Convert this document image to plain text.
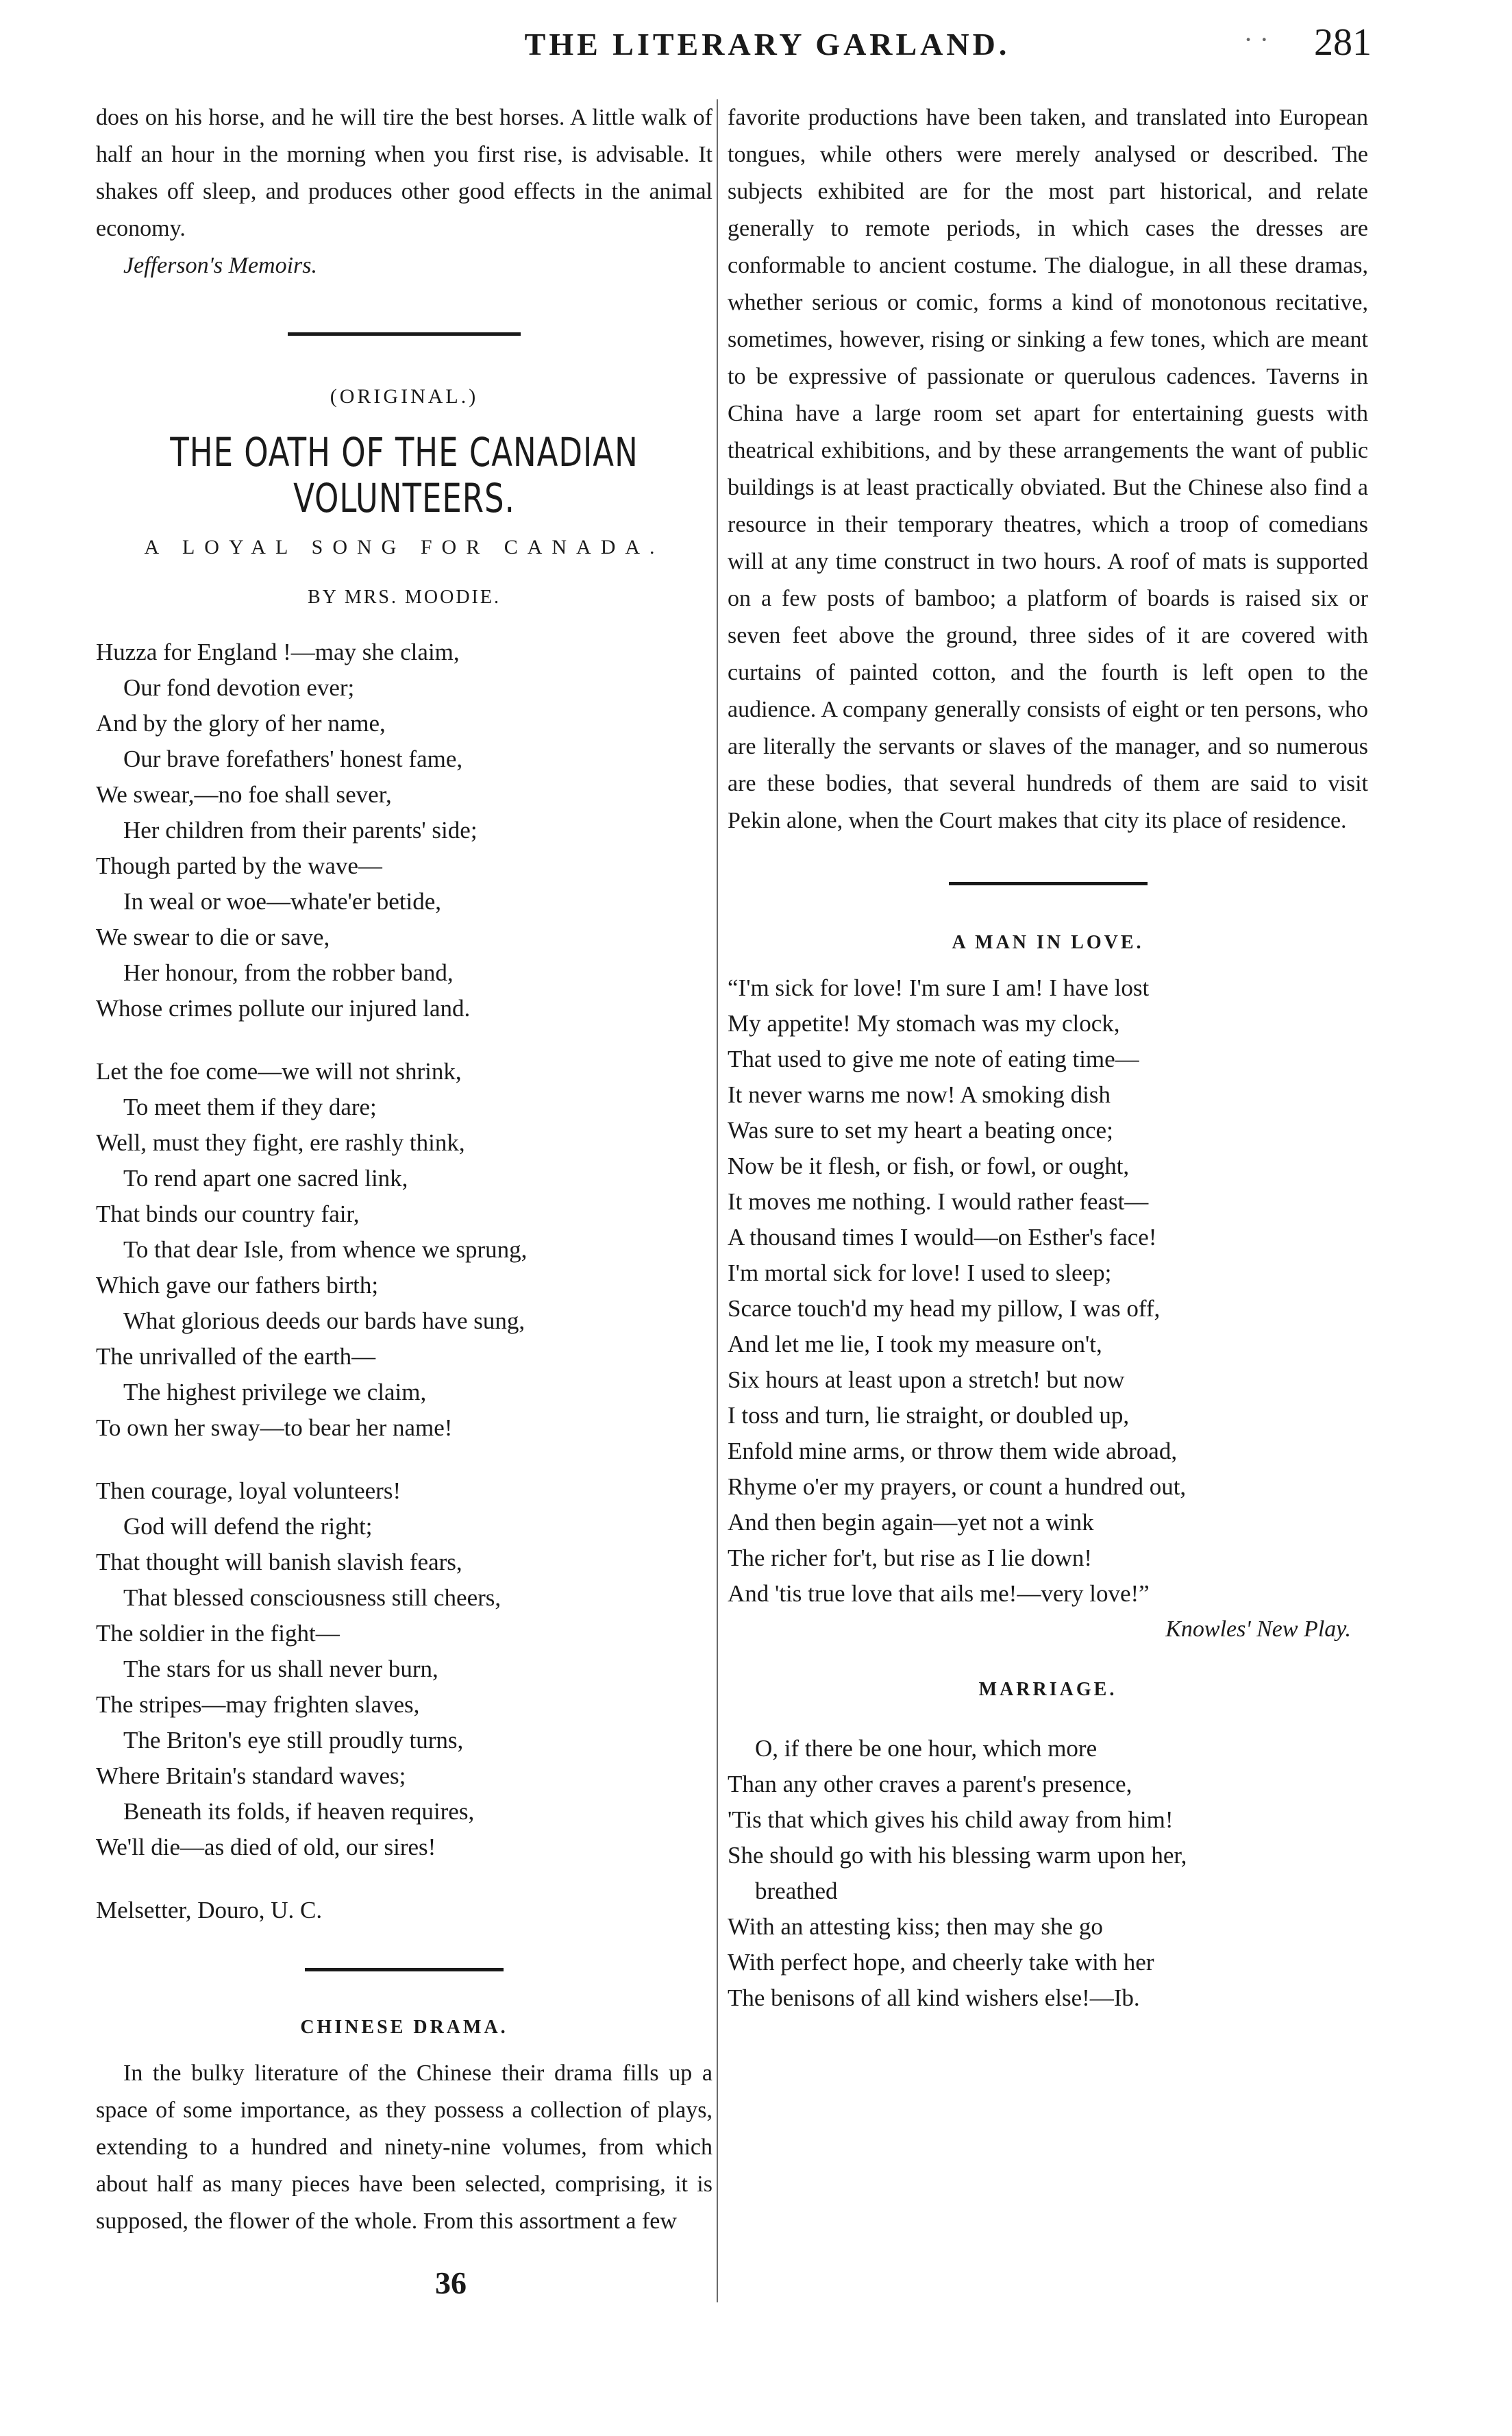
THE LITERARY GARLAND.	· · 281

does on his horse, and he will tire the best horses. A little walk of half an hour in the morning when you first rise, is advisable. It shakes off sleep, and produces other good effects in the animal economy.

Jefferson's Memoirs.

(ORIGINAL.)
THE OATH OF THE CANADIAN VOLUNTEERS.
A LOYAL SONG FOR CANADA.
BY MRS. MOODIE.
Huzza for England !—may she claim,
Our fond devotion ever;
And by the glory of her name,
Our brave forefathers' honest fame,
We swear,—no foe shall sever,
Her children from their parents' side;
Though parted by the wave—
In weal or woe—whate'er betide,
We swear to die or save,
Her honour, from the robber band,
Whose crimes pollute our injured land.
Let the foe come—we will not shrink,
To meet them if they dare;
Well, must they fight, ere rashly think,
To rend apart one sacred link,
That binds our country fair,
To that dear Isle, from whence we sprung,
Which gave our fathers birth;
What glorious deeds our bards have sung,
The unrivalled of the earth—
The highest privilege we claim,
To own her sway—to bear her name!
Then courage, loyal volunteers!
God will defend the right;
That thought will banish slavish fears,
That blessed consciousness still cheers,
The soldier in the fight—
The stars for us shall never burn,
The stripes—may frighten slaves,
The Briton's eye still proudly turns,
Where Britain's standard waves;
Beneath its folds, if heaven requires,
We'll die—as died of old, our sires!
Melsetter, Douro, U. C.
CHINESE DRAMA.

In the bulky literature of the Chinese their drama fills up a space of some importance, as they possess a collection of plays, extending to a hundred and ninety-nine volumes, from which about half as many pieces have been selected, comprising, it is supposed, the flower of the whole. From this assortment a few

favorite productions have been taken, and translated into European tongues, while others were merely analysed or described. The subjects exhibited are for the most part historical, and relate generally to remote periods, in which cases the dresses are conformable to ancient costume. The dialogue, in all these dramas, whether serious or comic, forms a kind of monotonous recitative, sometimes, however, rising or sinking a few tones, which are meant to be expressive of passionate or querulous cadences. Taverns in China have a large room set apart for entertaining guests with theatrical exhibitions, and by these arrangements the want of public buildings is at least practically obviated. But the Chinese also find a resource in their temporary theatres, which a troop of comedians will at any time construct in two hours. A roof of mats is supported on a few posts of bamboo; a platform of boards is raised six or seven feet above the ground, three sides of it are covered with curtains of painted cotton, and the fourth is left open to the audience. A company generally consists of eight or ten persons, who are literally the servants or slaves of the manager, and so numerous are these bodies, that several hundreds of them are said to visit Pekin alone, when the Court makes that city its place of residence.

A MAN IN LOVE.
“I'm sick for love! I'm sure I am! I have lost
My appetite! My stomach was my clock,
That used to give me note of eating time—
It never warns me now! A smoking dish
Was sure to set my heart a beating once;
Now be it flesh, or fish, or fowl, or ought,
It moves me nothing. I would rather feast—
A thousand times I would—on Esther's face!
I'm mortal sick for love! I used to sleep;
Scarce touch'd my head my pillow, I was off,
And let me lie, I took my measure on't,
Six hours at least upon a stretch! but now
I toss and turn, lie straight, or doubled up,
Enfold mine arms, or throw them wide abroad,
Rhyme o'er my prayers, or count a hundred out,
And then begin again—yet not a wink
The richer for't, but rise as I lie down!
And 'tis true love that ails me!—very love!”
Knowles' New Play.
MARRIAGE.
O, if there be one hour, which more
Than any other craves a parent's presence,
'Tis that which gives his child away from him!
She should go with his blessing warm upon her,
breathed
With an attesting kiss; then may she go
With perfect hope, and cheerly take with her
The benisons of all kind wishers else!—Ib.
36
